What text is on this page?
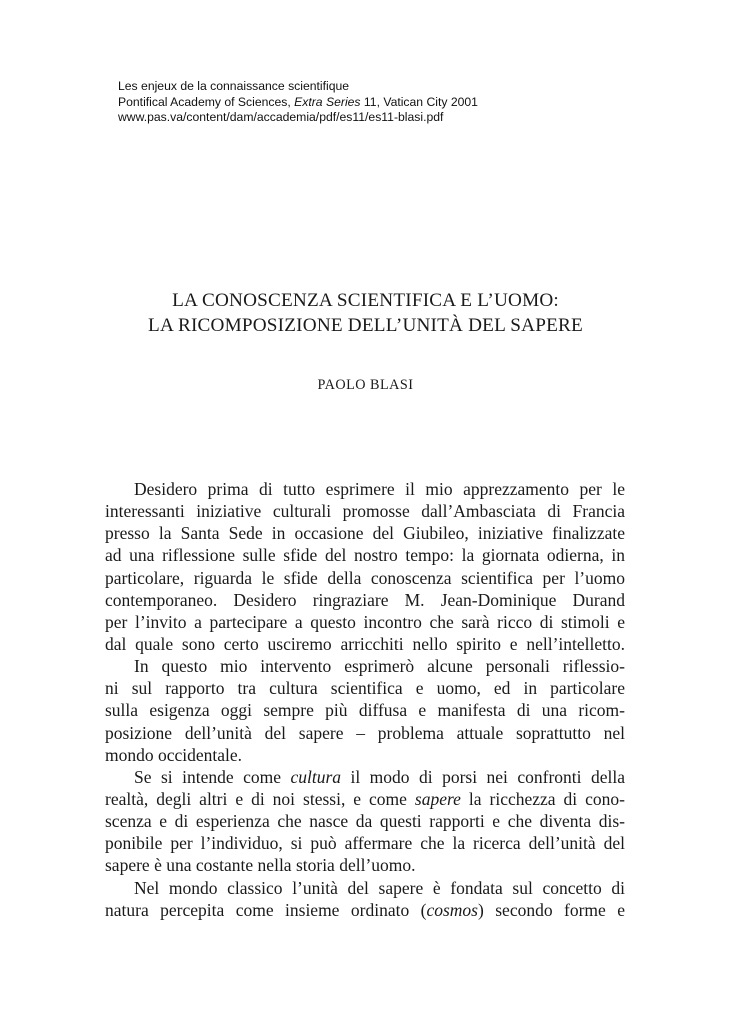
Les enjeux de la connaissance scientifique
Pontifical Academy of Sciences, Extra Series 11, Vatican City 2001
www.pas.va/content/dam/accademia/pdf/es11/es11-blasi.pdf
LA CONOSCENZA SCIENTIFICA E L’UOMO:
LA RICOMPOSIZIONE DELL’UNITÀ DEL SAPERE
PAOLO BLASI
Desidero prima di tutto esprimere il mio apprezzamento per le
interessanti iniziative culturali promosse dall’Ambasciata di Francia
presso la Santa Sede in occasione del Giubileo, iniziative finalizzate
ad una riflessione sulle sfide del nostro tempo: la giornata odierna, in
particolare, riguarda le sfide della conoscenza scientifica per l’uomo
contemporaneo. Desidero ringraziare M. Jean-Dominique Durand
per l’invito a partecipare a questo incontro che sarà ricco di stimoli e
dal quale sono certo usciremo arricchiti nello spirito e nell’intelletto.
In questo mio intervento esprimerò alcune personali riflessio-
ni sul rapporto tra cultura scientifica e uomo, ed in particolare
sulla esigenza oggi sempre più diffusa e manifesta di una ricom-
posizione dell’unità del sapere – problema attuale soprattutto nel
mondo occidentale.
Se si intende come cultura il modo di porsi nei confronti della
realtà, degli altri e di noi stessi, e come sapere la ricchezza di cono-
scenza e di esperienza che nasce da questi rapporti e che diventa dis-
ponibile per l’individuo, si può affermare che la ricerca dell’unità del
sapere è una costante nella storia dell’uomo.
Nel mondo classico l’unità del sapere è fondata sul concetto di
natura percepita come insieme ordinato (cosmos) secondo forme e
